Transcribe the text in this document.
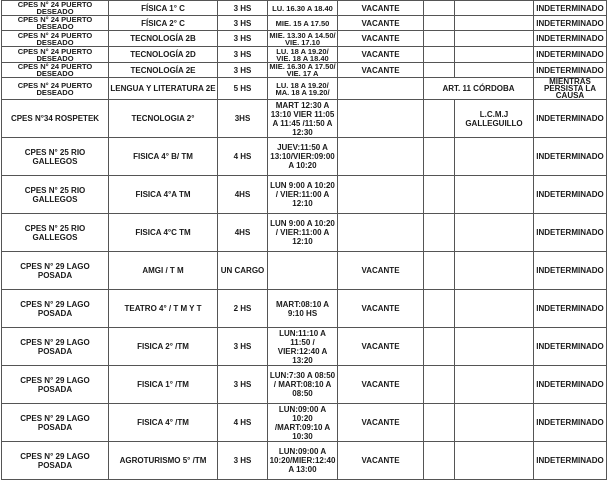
CPES N° 24 PUERTO DESEADO	FÍSICA 1° C	3 HS	LU. 16.30 A 18.40	VACANTE			INDETERMINADO
CPES N° 24 PUERTO DESEADO	FÍSICA 2° C	3 HS	MIE. 15 A 17.50	VACANTE			INDETERMINADO
CPES N° 24 PUERTO DESEADO	TECNOLOGÍA 2B	3 HS	MIE. 13.30 A 14.50/ VIE. 17.10	VACANTE			INDETERMINADO
CPES N° 24 PUERTO DESEADO	TECNOLOGÍA 2D	3 HS	LU. 18 A 19.20/ VIE. 18 A 18.40	VACANTE			INDETERMINADO
CPES N° 24 PUERTO DESEADO	TECNOLOGÍA 2E	3 HS	MIE. 16.30 A 17.50/ VIE. 17 A	VACANTE			INDETERMINADO
CPES N° 24 PUERTO DESEADO	LENGUA Y LITERATURA 2E	5 HS	LU. 18 A 19.20/ MA. 18 A 19.20/		ART. 11 CÓRDOBA		MIENTRAS PERSISTA LA CAUSA
CPES N°34 ROSPETEK	TECNOLOGIA 2°	3HS	MART 12:30 A 13:10 VIER 11:05 A 11:45 /11:50 A 12:30			L.C.M.J GALLEGUILLO	INDETERMINADO
CPES N° 25 RIO GALLEGOS	FISICA 4° B/ TM	4 HS	JUEV:11:50 A 13:10/VIER:09:00 A 10:20				INDETERMINADO
CPES N° 25 RIO GALLEGOS	FISICA 4°A TM	4HS	LUN 9:00 A 10:20 / VIER:11:00 A 12:10				INDETERMINADO
CPES N° 25 RIO GALLEGOS	FISICA 4°C TM	4HS	LUN 9:00 A 10:20 / VIER:11:00 A 12:10				INDETERMINADO
CPES N° 29 LAGO POSADA	AMGI / T M	UN CARGO		VACANTE			INDETERMINADO
CPES N° 29 LAGO POSADA	TEATRO 4° / T M Y T	2 HS	MART:08:10 A 9:10 HS	VACANTE			INDETERMINADO
CPES N° 29 LAGO POSADA	FISICA 2° /TM	3 HS	LUN:11:10 A 11:50 / VIER:12:40 A 13:20	VACANTE			INDETERMINADO
CPES N° 29 LAGO POSADA	FISICA 1° /TM	3 HS	LUN:7:30 A 08:50 / MART:08:10 A 08:50	VACANTE			INDETERMINADO
CPES N° 29 LAGO POSADA	FISICA 4° /TM	4 HS	LUN:09:00 A 10:20 /MART:09:10 A 10:30	VACANTE			INDETERMINADO
CPES N° 29 LAGO POSADA	AGROTURISMO 5° /TM	3 HS	LUN:09:00 A 10:20/MIER:12:40 A 13:00	VACANTE			INDETERMINADO
